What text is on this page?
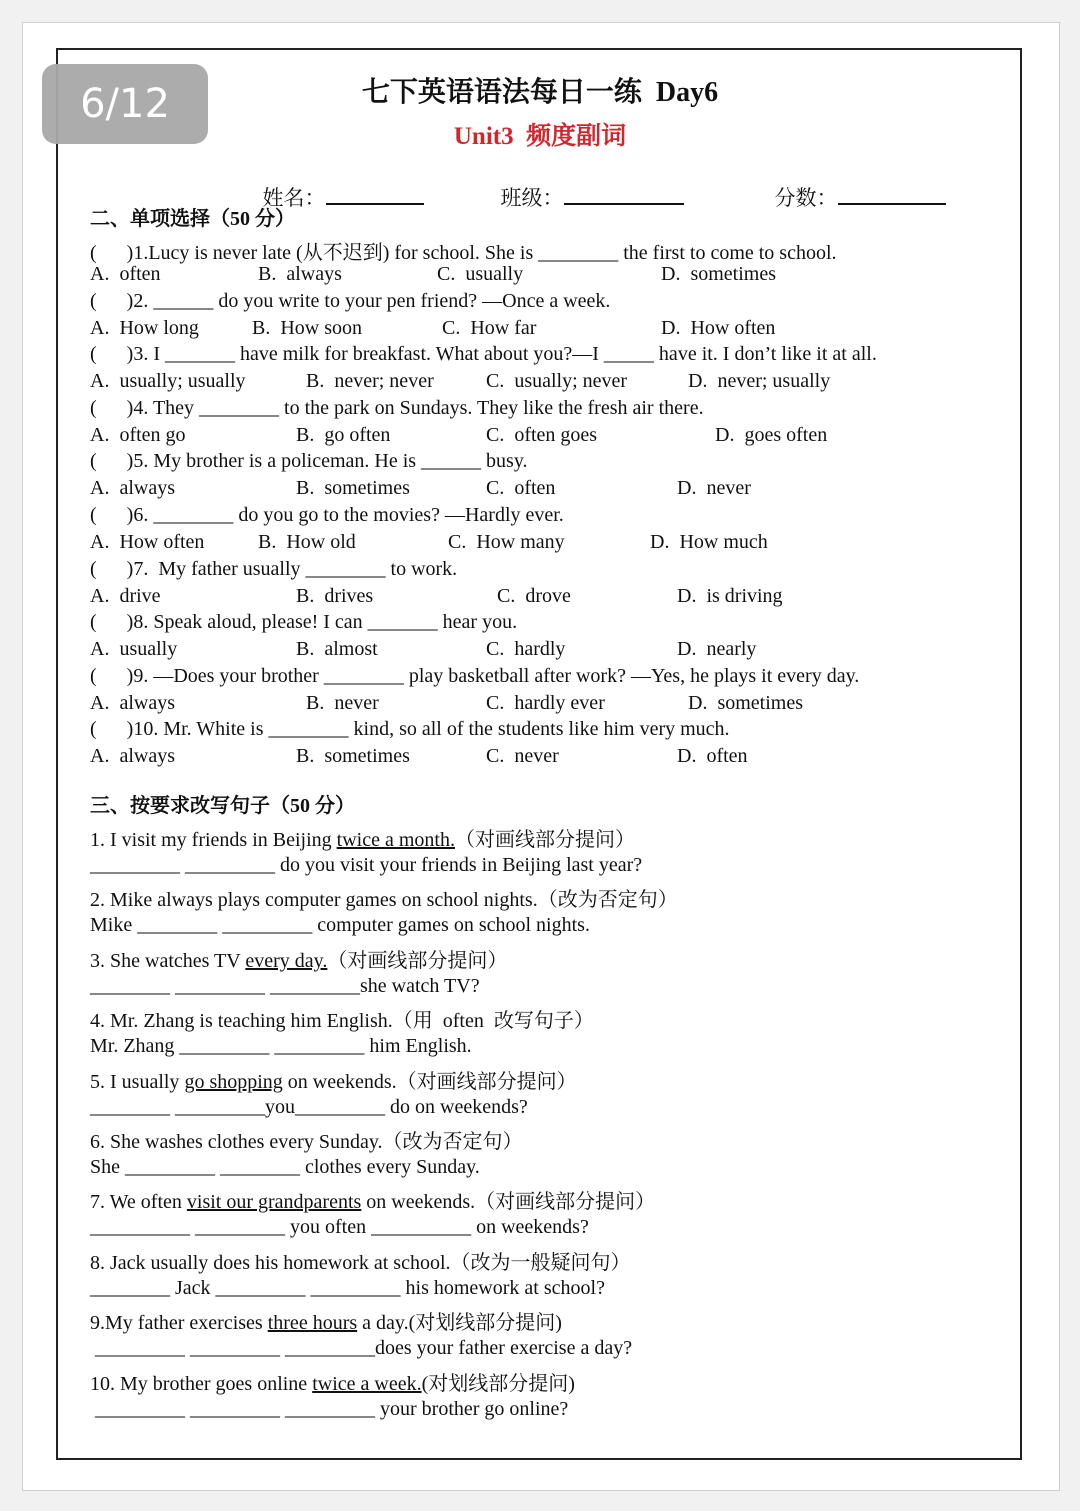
6/12	七下英语语法每日一练  Day6
Unit3  频度副词

姓名：	班级：	分数：

二、单项选择（50 分）
(      )1.Lucy is never late (从不迟到) for school. She is ________ the first to come to school.
A.  often	B.  always	C.  usually	D.  sometimes
(      )2. ______ do you write to your pen friend? —Once a week.
A.  How long	B.  How soon	C.  How far	D.  How often
(      )3. I _______ have milk for breakfast. What about you?—I _____ have it. I don’t like it at all.
A.  usually; usually	B.  never; never	C.  usually; never	D.  never; usually
(      )4. They ________ to the park on Sundays. They like the fresh air there.
A.  often go	B.  go often	C.  often goes	D.  goes often
(      )5. My brother is a policeman. He is ______ busy.
A.  always	B.  sometimes	C.  often	D.  never
(      )6. ________ do you go to the movies? —Hardly ever.
A.  How often	B.  How old	C.  How many	D.  How much
(      )7.  My father usually ________ to work.
A.  drive	B.  drives	C.  drove	D.  is driving
(      )8. Speak aloud, please! I can _______ hear you.
A.  usually	B.  almost	C.  hardly	D.  nearly
(      )9. —Does your brother ________ play basketball after work? —Yes, he plays it every day.
A.  always	B.  never	C.  hardly ever	D.  sometimes
(      )10. Mr. White is ________ kind, so all of the students like him very much.
A.  always	B.  sometimes	C.  never	D.  often
三、按要求改写句子（50 分）
1. I visit my friends in Beijing twice a month.（对画线部分提问）
_________ _________ do you visit your friends in Beijing last year?
2. Mike always plays computer games on school nights.（改为否定句）
Mike ________ _________ computer games on school nights.
3. She watches TV every day.（对画线部分提问）
________ _________ _________she watch TV?
4. Mr. Zhang is teaching him English.（用  often  改写句子）
Mr. Zhang _________ _________ him English.
5. I usually go shopping on weekends.（对画线部分提问）
________ _________you_________ do on weekends?
6. She washes clothes every Sunday.（改为否定句）
She _________ ________ clothes every Sunday.
7. We often visit our grandparents on weekends.（对画线部分提问）
__________ _________ you often __________ on weekends?
8. Jack usually does his homework at school.（改为一般疑问句）
________ Jack _________ _________ his homework at school?
9.My father exercises three hours a day.(对划线部分提问)
_________ _________ _________does your father exercise a day?
10. My brother goes online twice a week.(对划线部分提问)
_________ _________ _________ your brother go online?
